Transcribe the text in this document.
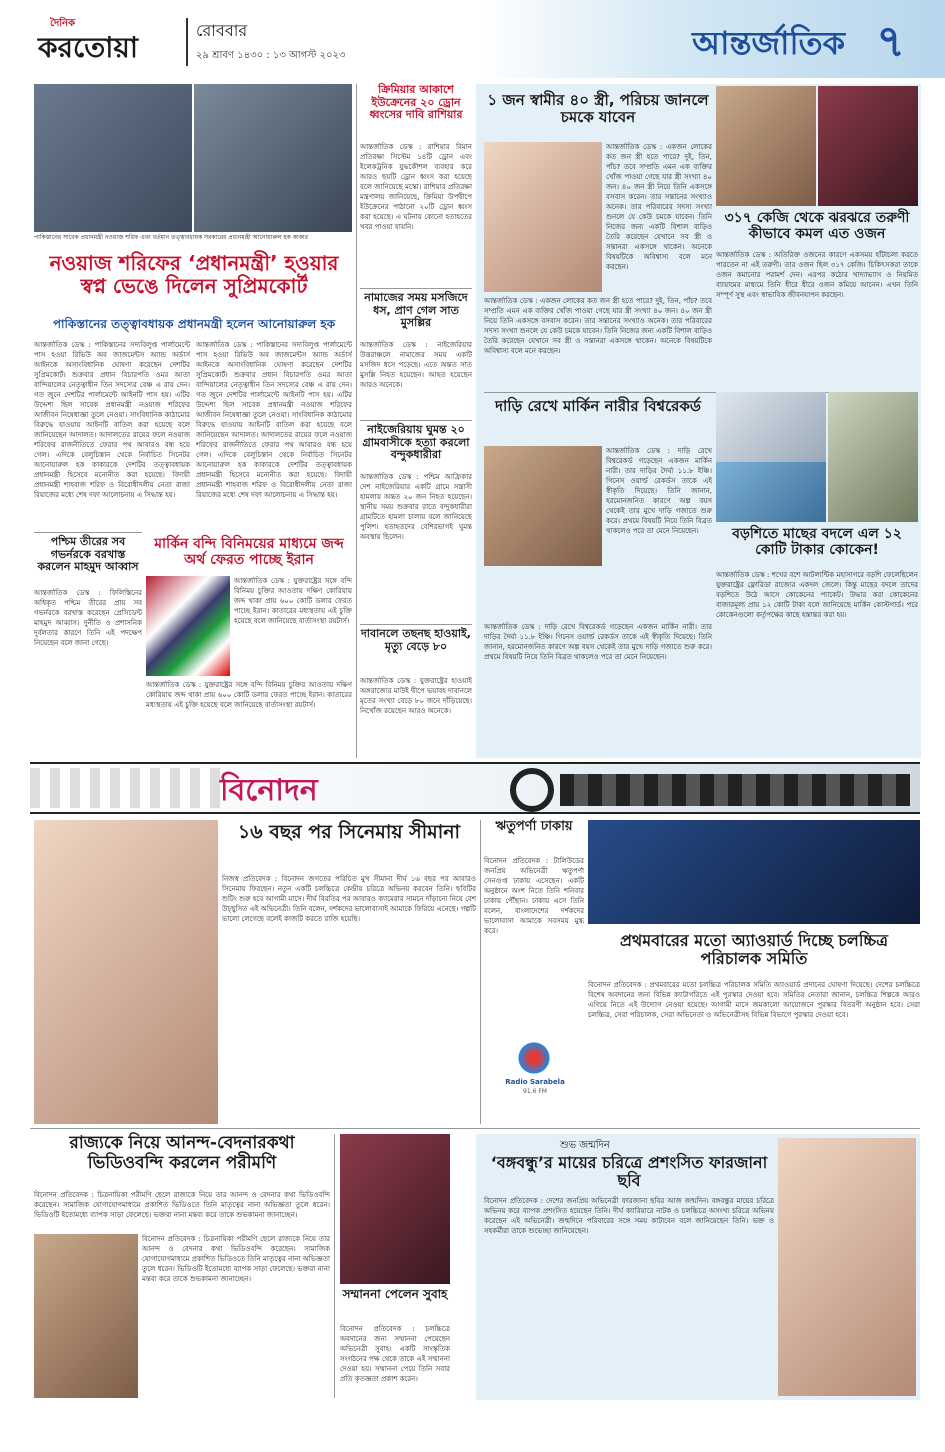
দৈনিক
করতোয়া
রোববার
২৯ শ্রাবণ ১৪৩০ : ১৩ আগস্ট ২০২৩	আন্তর্জাতিক ৭
পাকিস্তানের সাবেক প্রধানমন্ত্রী নওয়াজ শরিফ এবং বর্তমান তত্ত্বাবধায়ক সরকারের প্রধানমন্ত্রী আনোয়ারুল হক কাকার
নওয়াজ শরিফের ‘প্রধানমন্ত্রী’ হওয়ার স্বপ্ন ভেঙে দিলেন সুপ্রিমকোর্ট
পাকিস্তানের তত্ত্বাবধায়ক প্রধানমন্ত্রী হলেন আনোয়ারুল হক
আন্তর্জাতিক ডেস্ক : পাকিস্তানের সদ্যবিলুপ্ত পার্লামেন্টে পাস হওয়া রিভিউ অব জাজমেন্টস অ্যান্ড অর্ডার্স আইনকে অসাংবিধানিক ঘোষণা করেছেন দেশটির সুপ্রিমকোর্ট। শুক্রবার প্রধান বিচারপতি ওমর আতা বান্দিয়ালের নেতৃত্বাধীন তিন সদস্যের বেঞ্চ এ রায় দেন। গত জুনে দেশটির পার্লামেন্টে আইনটি পাস হয়। এটির উদ্দেশ্য ছিল সাবেক প্রধানমন্ত্রী নওয়াজ শরিফের আজীবন নিষেধাজ্ঞা তুলে নেওয়া। সাংবিধানিক কাঠামোর বিরুদ্ধে যাওয়ায় আইনটি বাতিল করা হয়েছে বলে জানিয়েছেন আদালত। আদালতের রায়ের ফলে নওয়াজ শরিফের রাজনীতিতে ফেরার পথ আবারও বন্ধ হয়ে গেল। এদিকে বেলুচিস্তান থেকে নির্বাচিত সিনেটর আনোয়ারুল হক কাকারকে দেশটির তত্ত্বাবধায়ক প্রধানমন্ত্রী হিসেবে মনোনীত করা হয়েছে। বিদায়ী প্রধানমন্ত্রী শাহবাজ শরিফ ও বিরোধীদলীয় নেতা রাজা রিয়াজের মধ্যে শেষ দফা আলোচনায় এ সিদ্ধান্ত হয়।
আন্তর্জাতিক ডেস্ক : পাকিস্তানের সদ্যবিলুপ্ত পার্লামেন্টে পাস হওয়া রিভিউ অব জাজমেন্টস অ্যান্ড অর্ডার্স আইনকে অসাংবিধানিক ঘোষণা করেছেন দেশটির সুপ্রিমকোর্ট। শুক্রবার প্রধান বিচারপতি ওমর আতা বান্দিয়ালের নেতৃত্বাধীন তিন সদস্যের বেঞ্চ এ রায় দেন। গত জুনে দেশটির পার্লামেন্টে আইনটি পাস হয়। এটির উদ্দেশ্য ছিল সাবেক প্রধানমন্ত্রী নওয়াজ শরিফের আজীবন নিষেধাজ্ঞা তুলে নেওয়া। সাংবিধানিক কাঠামোর বিরুদ্ধে যাওয়ায় আইনটি বাতিল করা হয়েছে বলে জানিয়েছেন আদালত। আদালতের রায়ের ফলে নওয়াজ শরিফের রাজনীতিতে ফেরার পথ আবারও বন্ধ হয়ে গেল। এদিকে বেলুচিস্তান থেকে নির্বাচিত সিনেটর আনোয়ারুল হক কাকারকে দেশটির তত্ত্বাবধায়ক প্রধানমন্ত্রী হিসেবে মনোনীত করা হয়েছে। বিদায়ী প্রধানমন্ত্রী শাহবাজ শরিফ ও বিরোধীদলীয় নেতা রাজা রিয়াজের মধ্যে শেষ দফা আলোচনায় এ সিদ্ধান্ত হয়।
পশ্চিম তীরের সব গভর্নরকে বরখাস্ত করলেন মাহমুদ আব্বাস
আন্তর্জাতিক ডেস্ক : ফিলিস্তিনের অধিকৃত পশ্চিম তীরের প্রায় সব গভর্নরকে বরখাস্ত করেছেন প্রেসিডেন্ট মাহমুদ আব্বাস। দুর্নীতি ও প্রশাসনিক দুর্বলতার কারণে তিনি এই পদক্ষেপ নিয়েছেন বলে জানা গেছে।
মার্কিন বন্দি বিনিময়ের মাধ্যমে জব্দ অর্থ ফেরত পাচ্ছে ইরান
আন্তর্জাতিক ডেস্ক : যুক্তরাষ্ট্রের সঙ্গে বন্দি বিনিময় চুক্তির আওতায় দক্ষিণ কোরিয়ায় জব্দ থাকা প্রায় ৬০০ কোটি ডলার ফেরত পাচ্ছে ইরান। কাতারের মধ্যস্থতায় এই চুক্তি হয়েছে বলে জানিয়েছে বার্তাসংস্থা রয়টার্স।
আন্তর্জাতিক ডেস্ক : যুক্তরাষ্ট্রের সঙ্গে বন্দি বিনিময় চুক্তির আওতায় দক্ষিণ কোরিয়ায় জব্দ থাকা প্রায় ৬০০ কোটি ডলার ফেরত পাচ্ছে ইরান। কাতারের মধ্যস্থতায় এই চুক্তি হয়েছে বলে জানিয়েছে বার্তাসংস্থা রয়টার্স।
ক্রিমিয়ার আকাশে ইউক্রেনের ২০ ড্রোন ধ্বংসের দাবি রাশিয়ার
আন্তর্জাতিক ডেস্ক : রাশিয়ার বিমান প্রতিরক্ষা সিস্টেম ১৪টি ড্রোন এবং ইলেকট্রনিক যুদ্ধকৌশল ব্যবহার করে আরও ছয়টি ড্রোন ধ্বংস করা হয়েছে বলে জানিয়েছে মস্কো। রাশিয়ার প্রতিরক্ষা মন্ত্রণালয় জানিয়েছে, ক্রিমিয়া উপদ্বীপে ইউক্রেনের পাঠানো ২০টি ড্রোন ধ্বংস করা হয়েছে। এ ঘটনায় কোনো হতাহতের খবর পাওয়া যায়নি।
নামাজের সময় মসজিদে ধস, প্রাণ গেল সাত মুসল্লির
আন্তর্জাতিক ডেস্ক : নাইজেরিয়ার উত্তরাঞ্চলে নামাজের সময় একটি মসজিদ ধসে পড়েছে। এতে অন্তত সাত মুসল্লি নিহত হয়েছেন। আহত হয়েছেন আরও অনেকে।
নাইজেরিয়ায় ঘুমন্ত ২০ গ্রামবাসীকে হত্যা করলো বন্দুকধারীরা
আন্তর্জাতিক ডেস্ক : পশ্চিম আফ্রিকার দেশ নাইজেরিয়ার একটি গ্রামে সন্ত্রাসী হামলায় অন্তত ২০ জন নিহত হয়েছেন। স্থানীয় সময় শুক্রবার রাতে বন্দুকধারীরা গ্রামটিতে হামলা চালায় বলে জানিয়েছে পুলিশ। হতাহতদের বেশিরভাগই ঘুমন্ত অবস্থায় ছিলেন।
দাবানলে তছনছ হাওয়াই, মৃত্যু বেড়ে ৮০
আন্তর্জাতিক ডেস্ক : যুক্তরাষ্ট্রের হাওয়াই অঙ্গরাজ্যের মাউই দ্বীপে ভয়াবহ দাবানলে মৃতের সংখ্যা বেড়ে ৮০ জনে দাঁড়িয়েছে। নিখোঁজ রয়েছেন আরও অনেকে।
১ জন স্বামীর ৪০ স্ত্রী, পরিচয় জানলে চমকে যাবেন
আন্তর্জাতিক ডেস্ক : একজন লোকের কত জন স্ত্রী হতে পারে? দুই, তিন, পাঁচ? তবে সম্প্রতি এমন এক ব্যক্তির খোঁজ পাওয়া গেছে যার স্ত্রী সংখ্যা ৪০ জন। ৪০ জন স্ত্রী নিয়ে তিনি একসঙ্গে বসবাস করেন। তার সন্তানের সংখ্যাও অনেক। তার পরিবারের সদস্য সংখ্যা শুনলে যে কেউ চমকে যাবেন। তিনি নিজের জন্য একটি বিশাল বাড়িও তৈরি করেছেন যেখানে সব স্ত্রী ও সন্তানরা একসঙ্গে থাকেন। অনেকে বিষয়টিকে অবিশ্বাস্য বলে মনে করছেন।
আন্তর্জাতিক ডেস্ক : একজন লোকের কত জন স্ত্রী হতে পারে? দুই, তিন, পাঁচ? তবে সম্প্রতি এমন এক ব্যক্তির খোঁজ পাওয়া গেছে যার স্ত্রী সংখ্যা ৪০ জন। ৪০ জন স্ত্রী নিয়ে তিনি একসঙ্গে বসবাস করেন। তার সন্তানের সংখ্যাও অনেক। তার পরিবারের সদস্য সংখ্যা শুনলে যে কেউ চমকে যাবেন। তিনি নিজের জন্য একটি বিশাল বাড়িও তৈরি করেছেন যেখানে সব স্ত্রী ও সন্তানরা একসঙ্গে থাকেন। অনেকে বিষয়টিকে অবিশ্বাস্য বলে মনে করছেন।
৩১৭ কেজি থেকে ঝরঝরে তরুণী কীভাবে কমল এত ওজন
আন্তর্জাতিক ডেস্ক : অতিরিক্ত ওজনের কারণে একসময় হাঁটাচলা করতে পারতেন না এই তরুণী। তার ওজন ছিল ৩১৭ কেজি। চিকিৎসকরা তাকে ওজন কমানোর পরামর্শ দেন। এরপর কঠোর খাদ্যাভ্যাস ও নিয়মিত ব্যায়ামের মাধ্যমে তিনি ধীরে ধীরে ওজন কমিয়ে আনেন। এখন তিনি সম্পূর্ণ সুস্থ এবং স্বাভাবিক জীবনযাপন করছেন।
দাড়ি রেখে মার্কিন নারীর বিশ্বরেকর্ড
আন্তর্জাতিক ডেস্ক : দাড়ি রেখে বিশ্বরেকর্ড গড়েছেন একজন মার্কিন নারী। তার দাড়ির দৈর্ঘ্য ১১.৮ ইঞ্চি। গিনেস ওয়ার্ল্ড রেকর্ডস তাকে এই স্বীকৃতি দিয়েছে। তিনি জানান, হরমোনজনিত কারণে অল্প বয়স থেকেই তার মুখে দাড়ি গজাতে শুরু করে। প্রথমে বিষয়টি নিয়ে তিনি বিব্রত থাকলেও পরে তা মেনে নিয়েছেন।
আন্তর্জাতিক ডেস্ক : দাড়ি রেখে বিশ্বরেকর্ড গড়েছেন একজন মার্কিন নারী। তার দাড়ির দৈর্ঘ্য ১১.৮ ইঞ্চি। গিনেস ওয়ার্ল্ড রেকর্ডস তাকে এই স্বীকৃতি দিয়েছে। তিনি জানান, হরমোনজনিত কারণে অল্প বয়স থেকেই তার মুখে দাড়ি গজাতে শুরু করে। প্রথমে বিষয়টি নিয়ে তিনি বিব্রত থাকলেও পরে তা মেনে নিয়েছেন।
বড়শিতে মাছের বদলে এল ১২ কোটি টাকার কোকেন!
আন্তর্জাতিক ডেস্ক : শখের বশে আটলান্টিক মহাসাগরে বড়শি ফেলেছিলেন যুক্তরাষ্ট্রের ফ্লোরিডা রাজ্যের একদল জেলে। কিন্তু মাছের বদলে তাদের বড়শিতে উঠে আসে কোকেনের প্যাকেট। উদ্ধার করা কোকেনের বাজারমূল্য প্রায় ১২ কোটি টাকা বলে জানিয়েছে মার্কিন কোস্টগার্ড। পরে কোকেনগুলো কর্তৃপক্ষের কাছে হস্তান্তর করা হয়।
বিনোদন
১৬ বছর পর সিনেমায় সীমানা
নিজস্ব প্রতিবেদক : বিনোদন জগতের পরিচিত মুখ সীমানা দীর্ঘ ১৬ বছর পর আবারও সিনেমায় ফিরছেন। নতুন একটি চলচ্চিত্রে কেন্দ্রীয় চরিত্রে অভিনয় করবেন তিনি। ছবিটির শুটিং শুরু হবে আগামী মাসে। দীর্ঘ বিরতির পর আবারও ক্যামেরার সামনে দাঁড়ানো নিয়ে বেশ উচ্ছ্বসিত এই অভিনেত্রী। তিনি বলেন, দর্শকদের ভালোবাসাই আমাকে ফিরিয়ে এনেছে। গল্পটি ভালো লেগেছে বলেই কাজটি করতে রাজি হয়েছি।
ঋতুপর্ণা ঢাকায়
বিনোদন প্রতিবেদক : টালিউডের জনপ্রিয় অভিনেত্রী ঋতুপর্ণা সেনগুপ্ত ঢাকায় এসেছেন। একটি অনুষ্ঠানে অংশ নিতে তিনি শনিবার ঢাকায় পৌঁছান। ঢাকায় এসে তিনি বলেন, বাংলাদেশের দর্শকদের ভালোবাসা আমাকে সবসময় মুগ্ধ করে।	প্রথমবারের মতো অ্যাওয়ার্ড দিচ্ছে চলচ্চিত্র পরিচালক সমিতি
Radio Sarabela
91.6 FM
বিনোদন প্রতিবেদক : প্রথমবারের মতো চলচ্চিত্র পরিচালক সমিতি অ্যাওয়ার্ড প্রদানের ঘোষণা দিয়েছে। দেশের চলচ্চিত্রে বিশেষ অবদানের জন্য বিভিন্ন ক্যাটাগরিতে এই পুরস্কার দেওয়া হবে। সমিতির নেতারা জানান, চলচ্চিত্র শিল্পকে আরও এগিয়ে নিতে এই উদ্যোগ নেওয়া হয়েছে। আগামী মাসে জমকালো আয়োজনে পুরস্কার বিতরণী অনুষ্ঠান হবে। সেরা চলচ্চিত্র, সেরা পরিচালক, সেরা অভিনেতা ও অভিনেত্রীসহ বিভিন্ন বিভাগে পুরস্কার দেওয়া হবে।
রাজ্যকে নিয়ে আনন্দ-বেদনারকথা ভিডিওবন্দি করলেন পরীমণি
বিনোদন প্রতিবেদক : চিত্রনায়িকা পরীমণি ছেলে রাজ্যকে নিয়ে তার আনন্দ ও বেদনার কথা ভিডিওবন্দি করেছেন। সামাজিক যোগাযোগমাধ্যমে প্রকাশিত ভিডিওতে তিনি মাতৃত্বের নানা অভিজ্ঞতা তুলে ধরেন। ভিডিওটি ইতোমধ্যে ব্যাপক সাড়া ফেলেছে। ভক্তরা নানা মন্তব্য করে তাকে শুভকামনা জানাচ্ছেন।
বিনোদন প্রতিবেদক : চিত্রনায়িকা পরীমণি ছেলে রাজ্যকে নিয়ে তার আনন্দ ও বেদনার কথা ভিডিওবন্দি করেছেন। সামাজিক যোগাযোগমাধ্যমে প্রকাশিত ভিডিওতে তিনি মাতৃত্বের নানা অভিজ্ঞতা তুলে ধরেন। ভিডিওটি ইতোমধ্যে ব্যাপক সাড়া ফেলেছে। ভক্তরা নানা মন্তব্য করে তাকে শুভকামনা জানাচ্ছেন।
সম্মাননা পেলেন সুবাহ
বিনোদন প্রতিবেদক : চলচ্চিত্রে অবদানের জন্য সম্মাননা পেয়েছেন অভিনেত্রী সুবাহ। একটি সাংস্কৃতিক সংগঠনের পক্ষ থেকে তাকে এই সম্মাননা দেওয়া হয়। সম্মাননা পেয়ে তিনি সবার প্রতি কৃতজ্ঞতা প্রকাশ করেন।
শুভ জন্মদিন
‘বঙ্গবন্ধু’র মায়ের চরিত্রে প্রশংসিত ফারজানা ছবি
বিনোদন প্রতিবেদক : দেশের জনপ্রিয় অভিনেত্রী ফারজানা ছবির আজ জন্মদিন। বঙ্গবন্ধুর মায়ের চরিত্রে অভিনয় করে ব্যাপক প্রশংসিত হয়েছেন তিনি। দীর্ঘ ক্যারিয়ারে নাটক ও চলচ্চিত্রে অসংখ্য চরিত্রে অভিনয় করেছেন এই অভিনেত্রী। জন্মদিনে পরিবারের সঙ্গে সময় কাটাবেন বলে জানিয়েছেন তিনি। ভক্ত ও সহকর্মীরা তাকে শুভেচ্ছা জানিয়েছেন।
